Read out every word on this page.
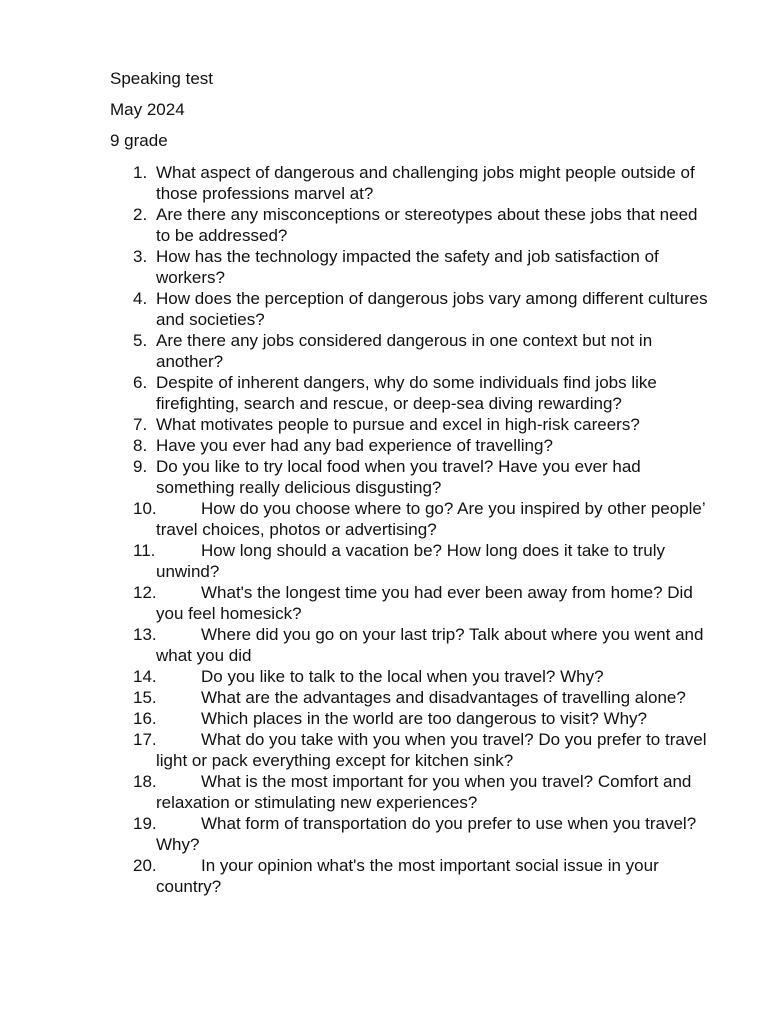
Speaking test

May 2024

9 grade

1. What aspect of dangerous and challenging jobs might people outside of those professions marvel at?
2. Are there any misconceptions or stereotypes about these jobs that need to be addressed?
3. How has the technology impacted the safety and job satisfaction of workers?
4. How does the perception of dangerous jobs vary among different cultures and societies?
5. Are there any jobs considered dangerous in one context but not in another?
6. Despite of inherent dangers, why do some individuals find jobs like firefighting, search and rescue, or deep-sea diving rewarding?
7. What motivates people to pursue and excel in high-risk careers?
8. Have you ever had any bad experience of travelling?
9. Do you like to try local food when you travel? Have you ever had something really delicious disgusting?
10.	How do you choose where to go? Are you inspired by other people’ travel choices, photos or advertising?
11.	How long should a vacation be? How long does it take to truly unwind?
12.	What's the longest time you had ever been away from home? Did you feel homesick?
13.	Where did you go on your last trip? Talk about where you went and what you did
14.	Do you like to talk to the local when you travel? Why?
15.	What are the advantages and disadvantages of travelling alone?
16.	Which places in the world are too dangerous to visit? Why?
17.	What do you take with you when you travel? Do you prefer to travel light or pack everything except for kitchen sink?
18.	What is the most important for you when you travel? Comfort and relaxation or stimulating new experiences?
19.	What form of transportation do you prefer to use when you travel? Why?
20.	In your opinion what's the most important social issue in your country?
